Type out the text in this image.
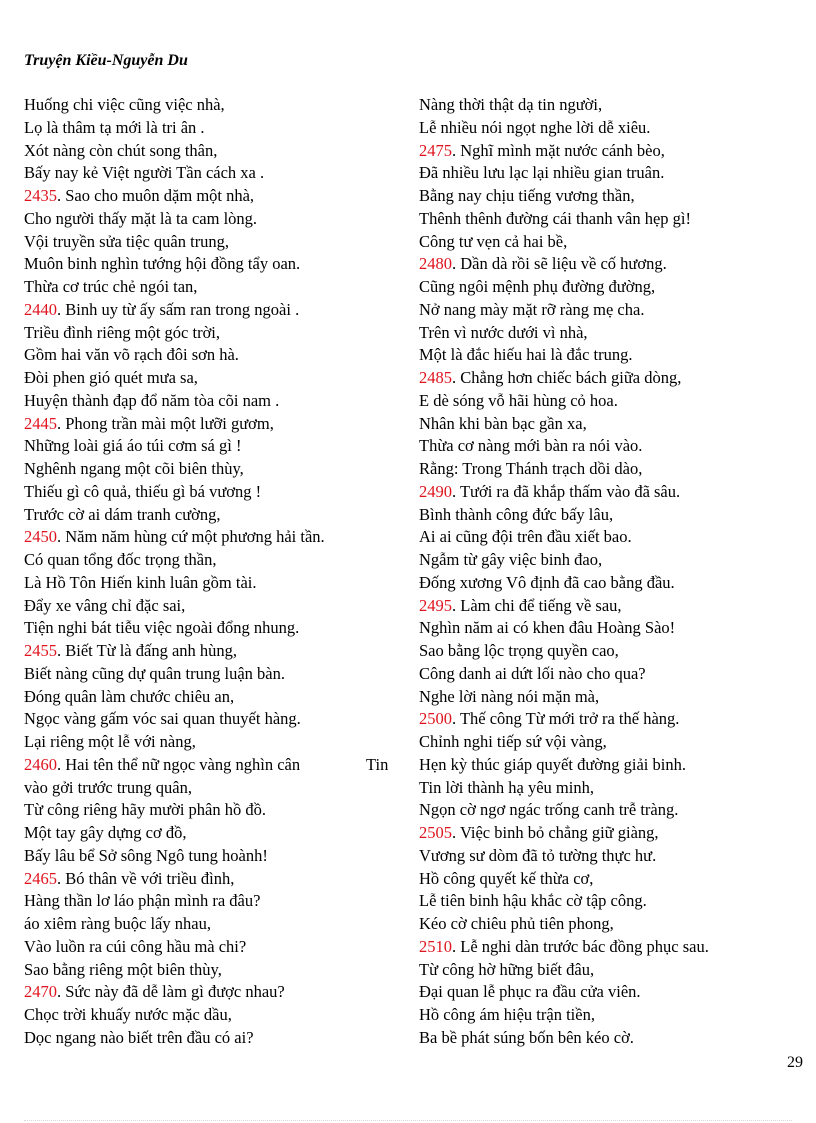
Truyện Kiều-Nguyễn Du
Huống chi việc cũng việc nhà,
Lọ là thâm tạ mới là tri ân .
Xót nàng còn chút song thân,
Bấy nay kẻ Việt người Tần cách xa .
2435. Sao cho muôn dặm một nhà,
Cho người thấy mặt là ta cam lòng.
Vội truyền sửa tiệc quân trung,
Muôn binh nghìn tướng hội đồng tẩy oan.
Thừa cơ trúc chẻ ngói tan,
2440. Binh uy từ ấy sấm ran trong ngoài .
Triều đình riêng một góc trời,
Gồm hai văn võ rạch đôi sơn hà.
Đòi phen gió quét mưa sa,
Huyện thành đạp đổ năm tòa cõi nam .
2445. Phong trần mài một lưỡi gươm,
Những loài giá áo túi cơm sá gì !
Nghênh ngang một cõi biên thùy,
Thiếu gì cô quả, thiếu gì bá vương !
Trước cờ ai dám tranh cường,
2450. Năm năm hùng cứ một phương hải tần.
Có quan tổng đốc trọng thần,
Là Hồ Tôn Hiến kinh luân gồm tài.
Đẩy xe vâng chỉ đặc sai,
Tiện nghi bát tiễu việc ngoài đổng nhung.
2455. Biết Từ là đấng anh hùng,
Biết nàng cũng dự quân trung luận bàn.
Đóng quân làm chước chiêu an,
Ngọc vàng gấm vóc sai quan thuyết hàng.
Lại riêng một lễ với nàng,
2460. Hai tên thể nữ ngọc vàng nghìn cân	Tin
vào gởi trước trung quân,
Từ công riêng hãy mười phân hồ đồ.
Một tay gây dựng cơ đồ,
Bấy lâu bể Sở sông Ngô tung hoành!
2465. Bó thân về với triều đình,
Hàng thần lơ láo phận mình ra đâu?
áo xiêm ràng buộc lấy nhau,
Vào luồn ra cúi công hầu mà chi?
Sao bằng riêng một biên thùy,
2470. Sức này đã dễ làm gì được nhau?
Chọc trời khuấy nước mặc dầu,
Dọc ngang nào biết trên đầu có ai?
Nàng thời thật dạ tin người,
Lễ nhiều nói ngọt nghe lời dễ xiêu.
2475. Nghĩ mình mặt nước cánh bèo,
Đã nhiều lưu lạc lại nhiều gian truân.
Bằng nay chịu tiếng vương thần,
Thênh thênh đường cái thanh vân hẹp gì!
Công tư vẹn cả hai bề,
2480. Dần dà rồi sẽ liệu về cố hương.
Cũng ngôi mệnh phụ đường đường,
Nở nang mày mặt rỡ ràng mẹ cha.
Trên vì nước dưới vì nhà,
Một là đắc hiếu hai là đắc trung.
2485. Chẳng hơn chiếc bách giữa dòng,
E dè sóng vỗ hãi hùng cỏ hoa.
Nhân khi bàn bạc gần xa,
Thừa cơ nàng mới bàn ra nói vào.
Rằng: Trong Thánh trạch dồi dào,
2490. Tưới ra đã khắp thấm vào đã sâu.
Bình thành công đức bấy lâu,
Ai ai cũng đội trên đầu xiết bao.
Ngẫm từ gây việc binh đao,
Đống xương Vô định đã cao bằng đầu.
2495. Làm chi để tiếng về sau,
Nghìn năm ai có khen đâu Hoàng Sào!
Sao bằng lộc trọng quyền cao,
Công danh ai dứt lối nào cho qua?
Nghe lời nàng nói mặn mà,
2500. Thế công Từ mới trở ra thế hàng.
Chỉnh nghi tiếp sứ vội vàng,
Hẹn kỳ thúc giáp quyết đường giải binh.
Tin lời thành hạ yêu minh,
Ngọn cờ ngơ ngác trống canh trễ tràng.
2505. Việc binh bỏ chẳng giữ giàng,
Vương sư dòm đã tỏ tường thực hư.
Hồ công quyết kế thừa cơ,
Lễ tiên binh hậu khắc cờ tập công.
Kéo cờ chiêu phủ tiên phong,
2510. Lễ nghi dàn trước bác đồng phục sau.
Từ công hờ hững biết đâu,
Đại quan lễ phục ra đầu cửa viên.
Hồ công ám hiệu trận tiền,
Ba bề phát súng bốn bên kéo cờ.
29
